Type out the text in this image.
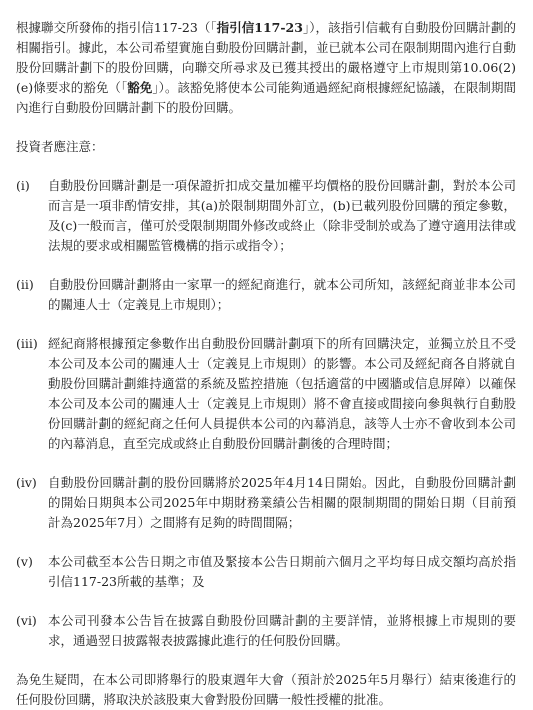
根據聯交所發佈的指引信117-23（「指引信117-23」），該指引信載有自動股份回購計劃的相關指引。據此，本公司希望實施自動股份回購計劃，並已就本公司在限制期間內進行自動股份回購計劃下的股份回購，向聯交所尋求及已獲其授出的嚴格遵守上市規則第10.06(2)(e)條要求的豁免（「豁免」）。該豁免將使本公司能夠通過經紀商根據經紀協議，在限制期間內進行自動股份回購計劃下的股份回購。

投資者應注意：

(i)	自動股份回購計劃是一項保證折扣成交量加權平均價格的股份回購計劃，對於本公司而言是一項非酌情安排，其(a)於限制期間外訂立，(b)已載列股份回購的預定參數，及(c)一般而言，僅可於受限制期間外修改或終止（除非受制於或為了遵守適用法律或法規的要求或相關監管機構的指示或指令）；
(ii)	自動股份回購計劃將由一家單一的經紀商進行，就本公司所知，該經紀商並非本公司的關連人士（定義見上市規則）；
(iii) 經紀商將根據預定參數作出自動股份回購計劃項下的所有回購決定，並獨立於且不受本公司及本公司的關連人士（定義見上市規則）的影響。本公司及經紀商各自將就自動股份回購計劃維持適當的系統及監控措施（包括適當的中國牆或信息屏障）以確保本公司及本公司的關連人士（定義見上市規則）將不會直接或間接向參與執行自動股份回購計劃的經紀商之任何人員提供本公司的內幕消息，該等人士亦不會收到本公司的內幕消息，直至完成或終止自動股份回購計劃後的合理時間；
(iv) 自動股份回購計劃的股份回購將於2025年4月14日開始。因此，自動股份回購計劃的開始日期與本公司2025年中期財務業績公告相關的限制期間的開始日期（目前預計為2025年7月）之間將有足夠的時間間隔；
(v)	本公司截至本公告日期之市值及緊接本公告日期前六個月之平均每日成交額均高於指引信117-23所載的基準；及
(vi) 本公司刊發本公告旨在披露自動股份回購計劃的主要詳情，並將根據上市規則的要求，通過翌日披露報表披露據此進行的任何股份回購。

為免生疑問，在本公司即將舉行的股東週年大會（預計於2025年5月舉行）結束後進行的任何股份回購，將取決於該股東大會對股份回購一般性授權的批准。
